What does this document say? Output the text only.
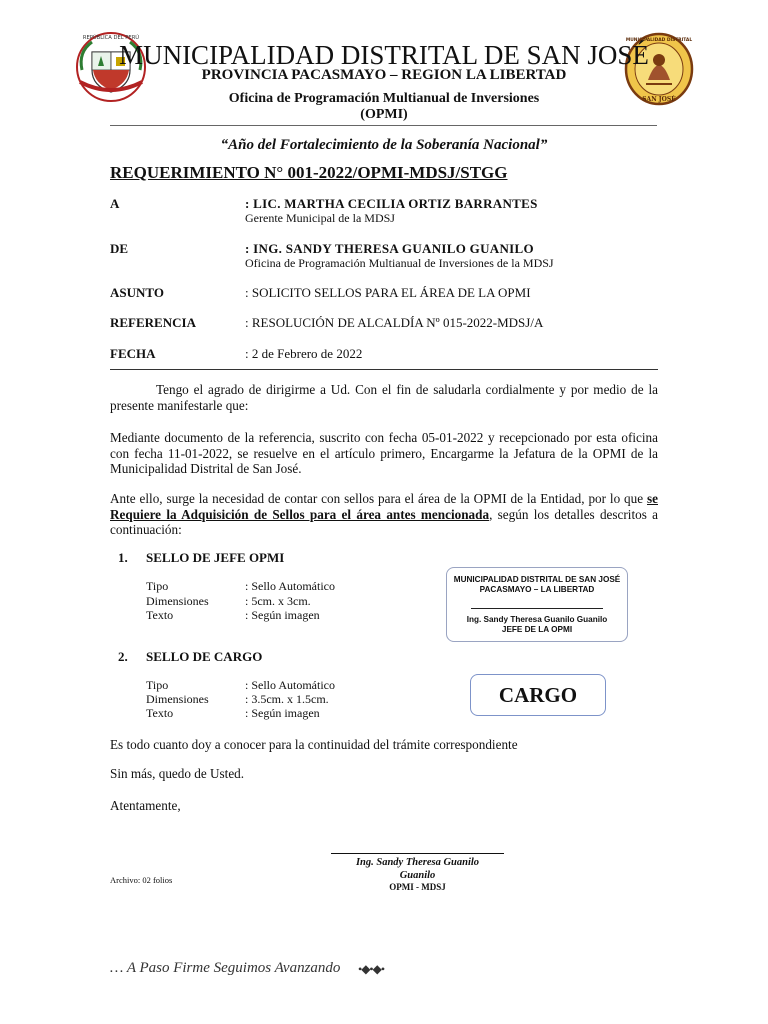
REPÚBLICA DEL PERÚ	MUNICIPALIDAD DISTRITAL
SAN JOSÉ
MUNICIPALIDAD DISTRITAL DE SAN JOSÉ
PROVINCIA PACASMAYO – REGION LA LIBERTAD
Oficina de Programación Multianual de Inversiones
(OPMI)
“Año del Fortalecimiento de la Soberanía Nacional”
REQUERIMIENTO N° 001-2022/OPMI-MDSJ/STGG
A	: LIC. MARTHA CECILIA ORTIZ BARRANTES
Gerente Municipal de la MDSJ
DE	: ING. SANDY THERESA GUANILO GUANILO
Oficina de Programación Multianual de Inversiones de la MDSJ
ASUNTO	: SOLICITO SELLOS PARA EL ÁREA DE LA OPMI
REFERENCIA	: RESOLUCIÓN DE ALCALDÍA Nº 015-2022-MDSJ/A
FECHA	: 2 de Febrero de 2022
Tengo el agrado de dirigirme a Ud. Con el fin de saludarla cordialmente y por medio de la presente manifestarle que:
Mediante documento de la referencia, suscrito con fecha 05-01-2022 y recepcionado por esta oficina con fecha 11-01-2022, se resuelve en el artículo primero, Encargarme la Jefatura de la OPMI de la Municipalidad Distrital de San José.
Ante ello, surge la necesidad de contar con sellos para el área de la OPMI de la Entidad, por lo que se Requiere la Adquisición de Sellos para el área antes mencionada, según los detalles descritos a continuación:
1. SELLO DE JEFE OPMI
Tipo	: Sello Automático
Dimensiones	: 5cm. x 3cm.
Texto	: Según imagen
MUNICIPALIDAD DISTRITAL DE SAN JOSÉ
PACASMAYO – LA LIBERTAD
Ing. Sandy Theresa Guanilo Guanilo
JEFE DE LA OPMI
2. SELLO DE CARGO
Tipo	: Sello Automático
Dimensiones	: 3.5cm. x 1.5cm.
Texto	: Según imagen
CARGO
Es todo cuanto doy a conocer para la continuidad del trámite correspondiente
Sin más, quedo de Usted.
Atentamente,
Ing. Sandy Theresa Guanilo
Guanilo
OPMI - MDSJ
Archivo: 02 folios
… A Paso Firme Seguimos Avanzando •◆•◆•
